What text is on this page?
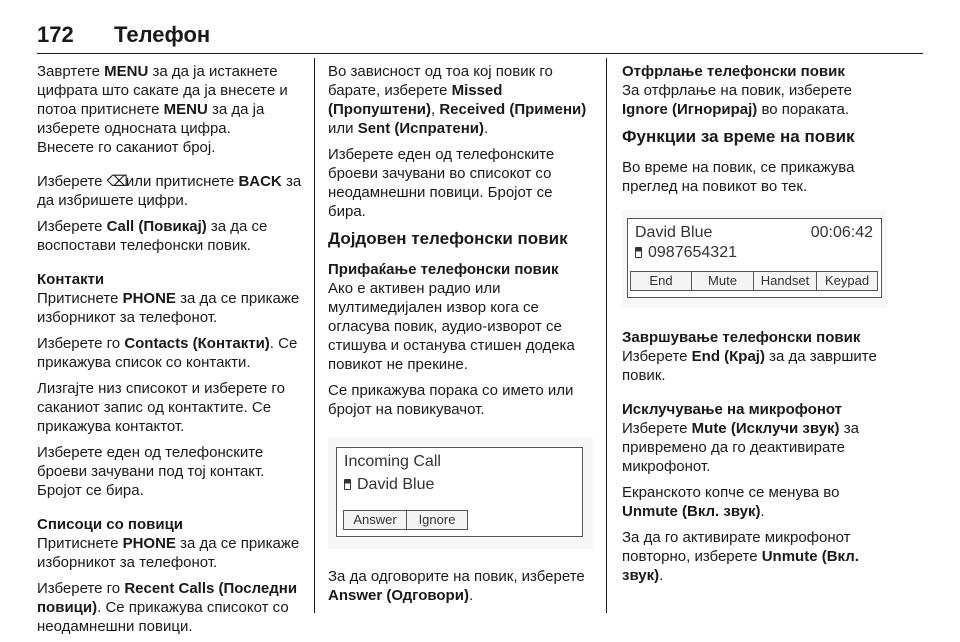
172 Телефон

Завртете MENU за да ја истакнете цифрата што сакате да ја внесете и потоа притиснете MENU за да ја изберете односната цифра.
Внесете го саканиот број.

Изберете ⌫ или притиснете BACK за да избришете цифри.

Изберете Call (Повикај) за да се воспостави телефонски повик.

Контакти

Притиснете PHONE за да се прикаже изборникот за телефонот.

Изберете го Contacts (Контакти). Се прикажува список со контакти.

Лизгајте низ списокот и изберете го саканиот запис од контактите. Се прикажува контактот.

Изберете еден од телефонските броеви зачувани под тој контакт. Бројот се бира.

Списоци со повици

Притиснете PHONE за да се прикаже изборникот за телефонот.

Изберете го Recent Calls (Последни повици). Се прикажува списокот со неодамнешни повици.

Во зависност од тоа кој повик го барате, изберете Missed (Пропуштени), Received (Примени) или Sent (Испратени).

Изберете еден од телефонските броеви зачувани во списокот со неодамнешни повици. Бројот се бира.

Дојдовен телефонски повик
Прифаќање телефонски повик

Ако е активен радио или мултимедијален извор кога се огласува повик, аудио-изворот се стишува и останува стишен додека повикот не прекине.

Се прикажува порака со името или бројот на повикувачот.

Incoming Call
David Blue
Answer	Ignore

За да одговорите на повик, изберете Answer (Одговори).

Отфрлање телефонски повик

За отфрлање на повик, изберете Ignore (Игнорирај) во пораката.

Функции за време на повик

Во време на повик, се прикажува преглед на повикот во тек.

David Blue	00:06:42
0987654321
End	Mute	Handset	Keypad
Завршување телефонски повик

Изберете End (Крај) за да завршите повик.

Исклучување на микрофонот

Изберете Mute (Исклучи звук) за привремено да го деактивирате микрофонот.

Екранското копче се менува во Unmute (Вкл. звук).

За да го активирате микрофонот повторно, изберете Unmute (Вкл. звук).
